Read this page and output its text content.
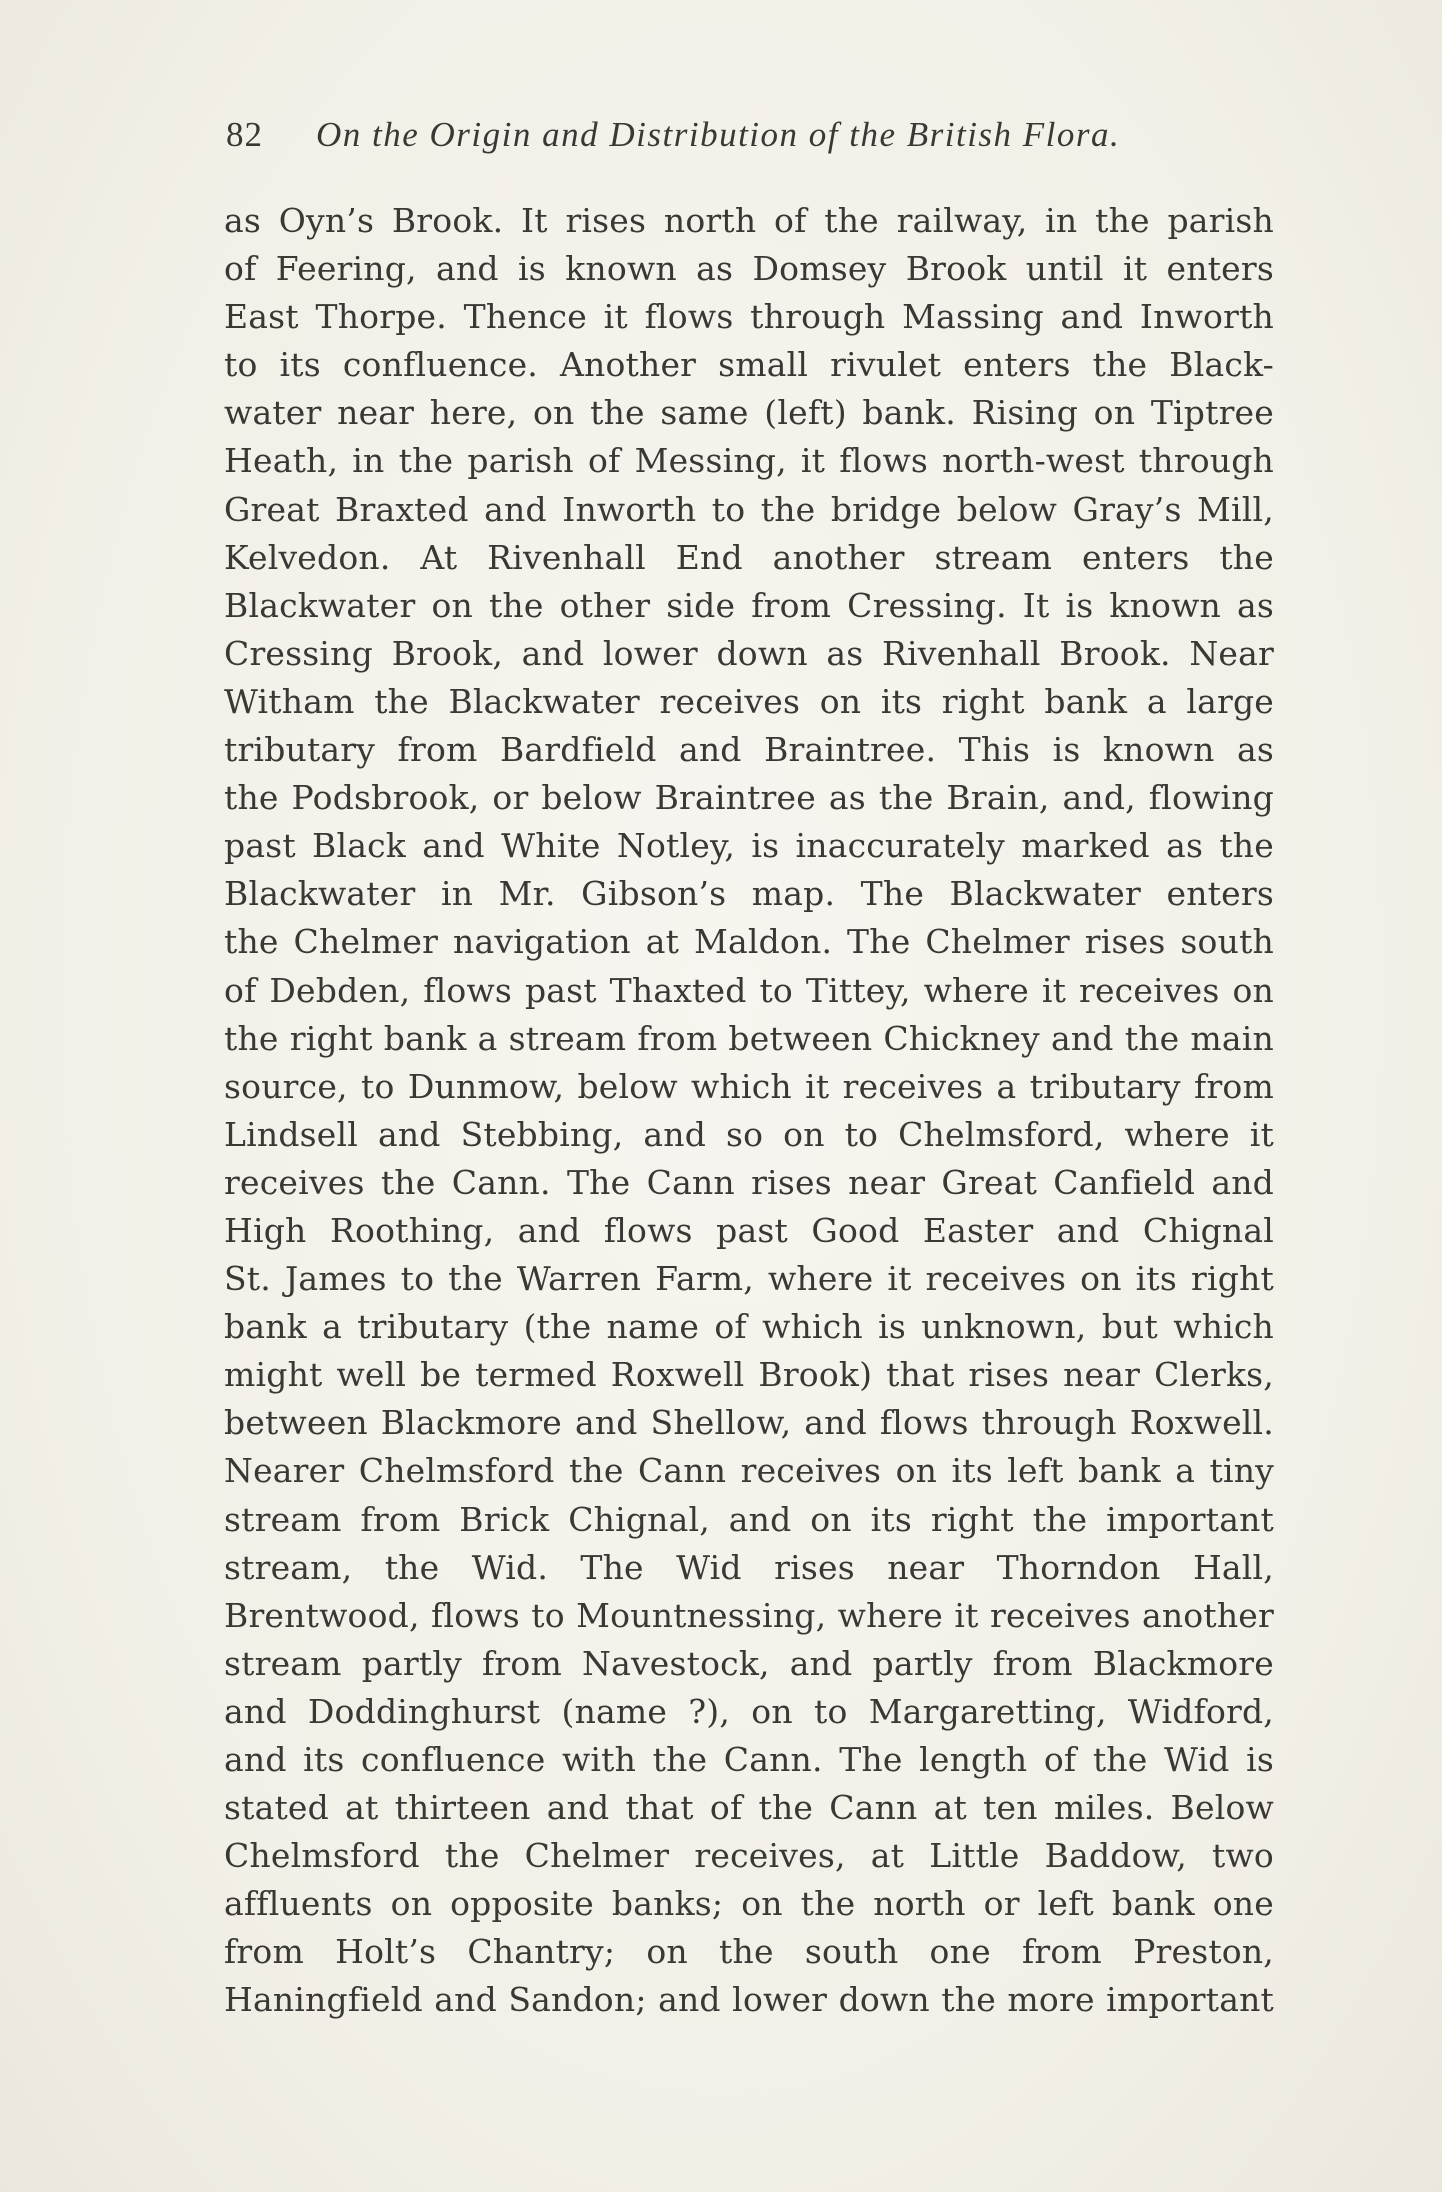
82 On the Origin and Distribution of the British Flora.
as Oyn’s Brook. It rises north of the railway, in the parish
of Feering, and is known as Domsey Brook until it enters
East Thorpe. Thence it flows through Massing and Inworth
to its confluence. Another small rivulet enters the Black-
water near here, on the same (left) bank. Rising on Tiptree
Heath, in the parish of Messing, it flows north-west through
Great Braxted and Inworth to the bridge below Gray’s Mill,
Kelvedon. At Rivenhall End another stream enters the
Blackwater on the other side from Cressing. It is known as
Cressing Brook, and lower down as Rivenhall Brook. Near
Witham the Blackwater receives on its right bank a large
tributary from Bardfield and Braintree. This is known as
the Podsbrook, or below Braintree as the Brain, and, flowing
past Black and White Notley, is inaccurately marked as the
Blackwater in Mr. Gibson’s map. The Blackwater enters
the Chelmer navigation at Maldon. The Chelmer rises south
of Debden, flows past Thaxted to Tittey, where it receives on
the right bank a stream from between Chickney and the main
source, to Dunmow, below which it receives a tributary from
Lindsell and Stebbing, and so on to Chelmsford, where it
receives the Cann. The Cann rises near Great Canfield and
High Roothing, and flows past Good Easter and Chignal
St. James to the Warren Farm, where it receives on its right
bank a tributary (the name of which is unknown, but which
might well be termed Roxwell Brook) that rises near Clerks,
between Blackmore and Shellow, and flows through Roxwell.
Nearer Chelmsford the Cann receives on its left bank a tiny
stream from Brick Chignal, and on its right the important
stream, the Wid. The Wid rises near Thorndon Hall,
Brentwood, flows to Mountnessing, where it receives another
stream partly from Navestock, and partly from Blackmore
and Doddinghurst (name ?), on to Margaretting, Widford,
and its confluence with the Cann. The length of the Wid is
stated at thirteen and that of the Cann at ten miles. Below
Chelmsford the Chelmer receives, at Little Baddow, two
affluents on opposite banks; on the north or left bank one
from Holt’s Chantry; on the south one from Preston,
Haningfield and Sandon; and lower down the more important
